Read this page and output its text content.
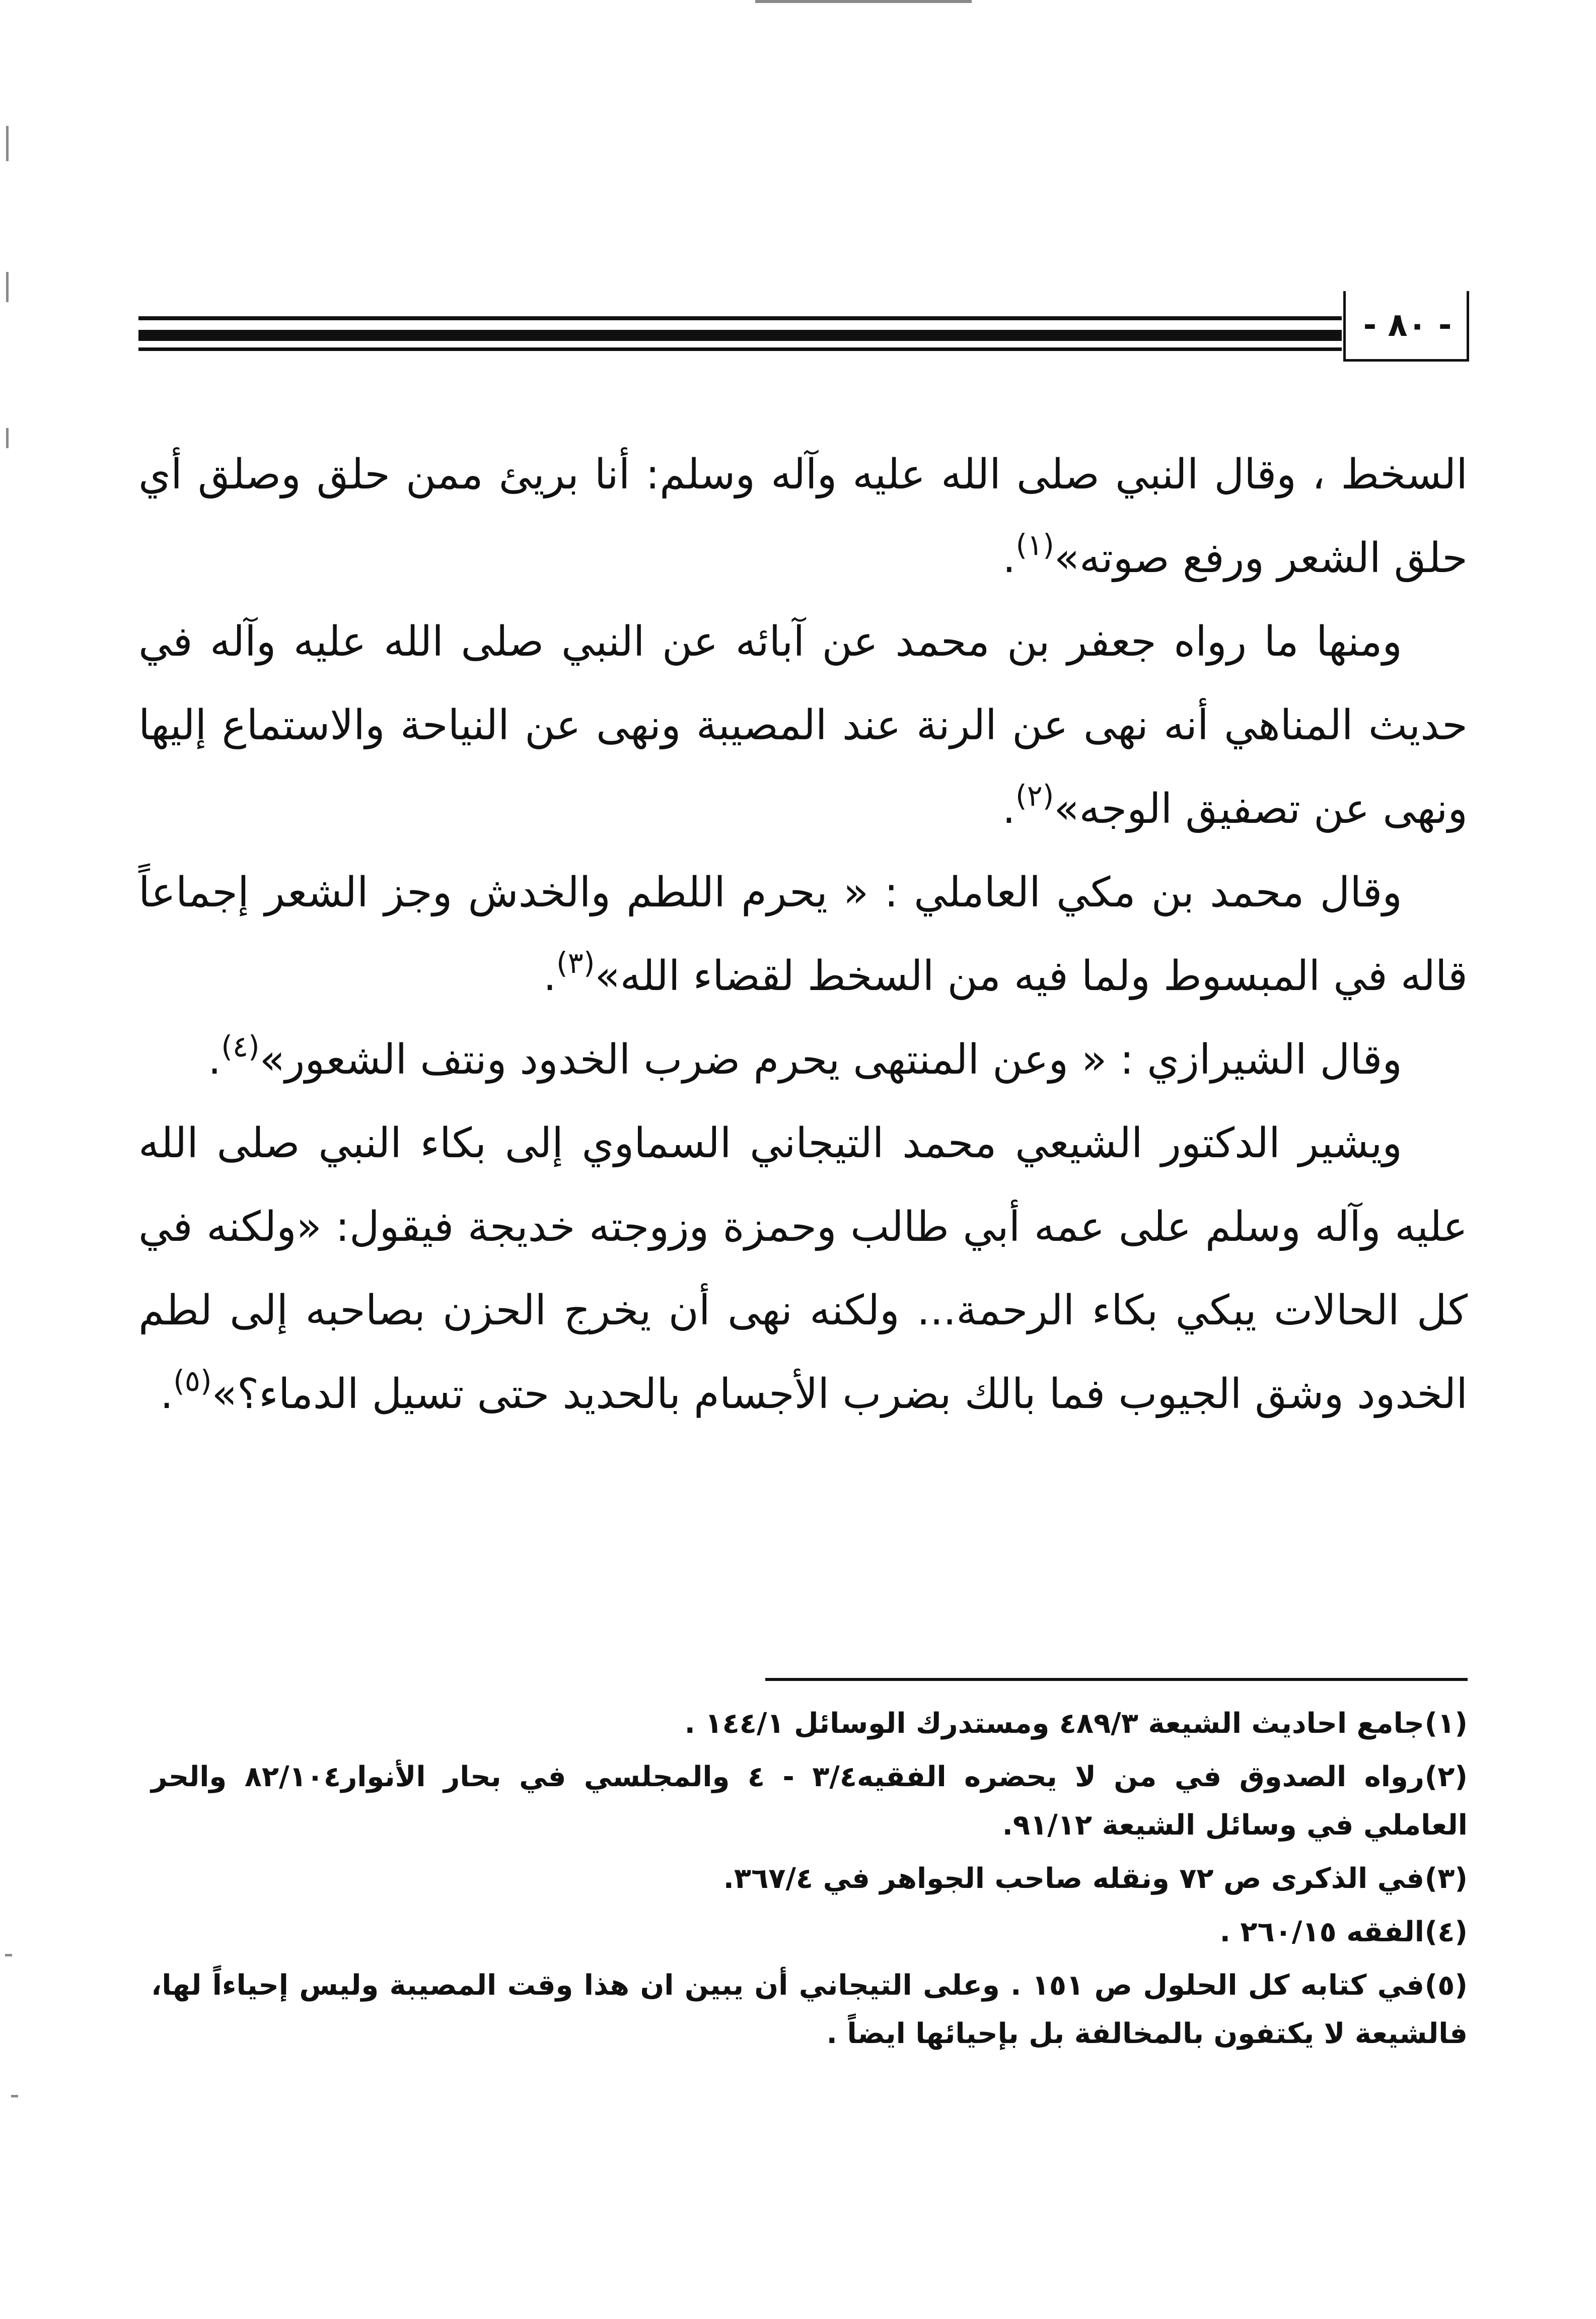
- ٨٠ -

السخط ، وقال النبي صلى الله عليه وآله وسلم: أنا بريئ ممن حلق وصلق أي حلق الشعر ورفع صوته»$^{(١)}$.

ومنها ما رواه جعفر بن محمد عن آبائه عن النبي صلى الله عليه وآله في حديث المناهي أنه نهى عن الرنة عند المصيبة ونهى عن النياحة والاستماع إليها ونهى عن تصفيق الوجه»$^{(٢)}$.

وقال محمد بن مكي العاملي : « يحرم اللطم والخدش وجز الشعر إجماعاً قاله في المبسوط ولما فيه من السخط لقضاء الله»$^{(٣)}$.

وقال الشيرازي : « وعن المنتهى يحرم ضرب الخدود ونتف الشعور»$^{(٤)}$.

ويشير الدكتور الشيعي محمد التيجاني السماوي إلى بكاء النبي صلى الله عليه وآله وسلم على عمه أبي طالب وحمزة وزوجته خديجة فيقول: «ولكنه في كل الحالات يبكي بكاء الرحمة... ولكنه نهى أن يخرج الحزن بصاحبه إلى لطم الخدود وشق الجيوب فما بالك بضرب الأجسام بالحديد حتى تسيل الدماء؟»$^{(٥)}$.

(١)جامع احاديث الشيعة ٤٨٩/٣ ومستدرك الوسائل ١٤٤/١ .
(٢)رواه الصدوق في من لا يحضره الفقيه٣/٤ - ٤ والمجلسي في بحار الأنوار٨٢/١٠٤ والحر العاملي في وسائل الشيعة ٩١/١٢.
(٣)في الذكرى ص ٧٢ ونقله صاحب الجواهر في ٣٦٧/٤.
(٤)الفقه ٢٦٠/١٥ .
(٥)في كتابه كل الحلول ص ١٥١ . وعلى التيجاني أن يبين ان هذا وقت المصيبة وليس إحياءاً لها، فالشيعة لا يكتفون بالمخالفة بل بإحيائها ايضاً .
